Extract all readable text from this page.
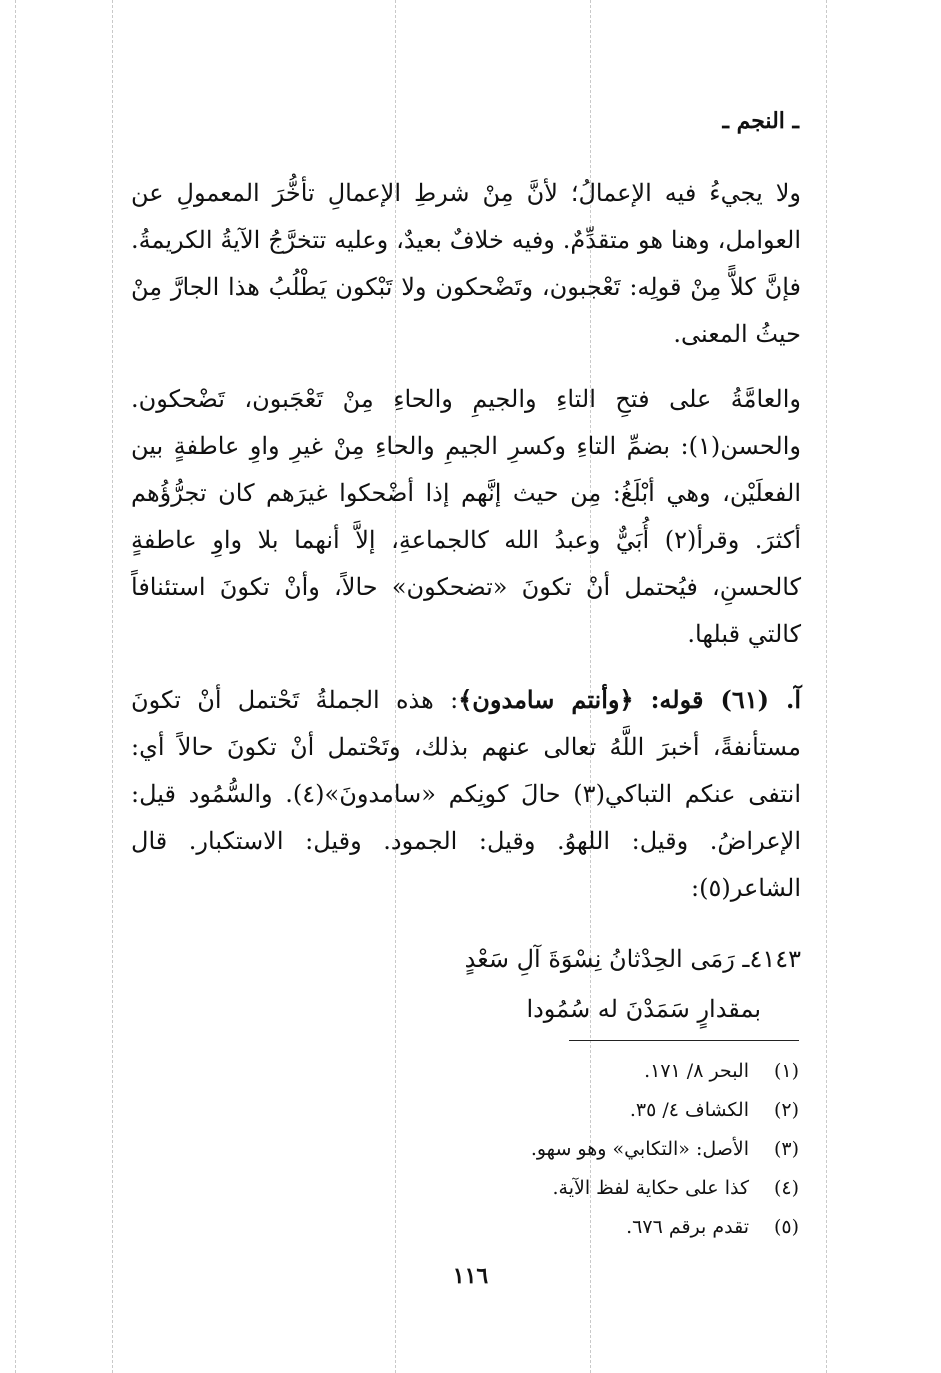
ـ النجم ـ

ولا يجيءُ فيه الإعمالُ؛ لأنَّ مِنْ شرطِ الإعمالِ تأخُّرَ المعمولِ عن العوامل، وهنا هو متقدِّمٌ. وفيه خلافٌ بعيدٌ، وعليه تتخرَّجُ الآيةُ الكريمةُ. فإنَّ كلاًّ مِنْ قولِه: تَعْجبون، وتَضْحكون ولا تَبْكون يَطْلُبُ هذا الجارَّ مِنْ حيثُ المعنى.

والعامَّةُ على فتحِ التاءِ والجيمِ والحاءِ مِنْ تَعْجَبون، تَضْحكون. والحسن(١): بضمِّ التاءِ وكسرِ الجيمِ والحاءِ مِنْ غيرِ واوِ عاطفةٍ بين الفعلَيْن، وهي أبْلَغُ: مِن حيث إنَّهم إذا أضْحكوا غيرَهم كان تجرُّؤُهم أكثرَ. وقرأ(٢) أُبَيٌّ وعبدُ الله كالجماعةِ، إلاَّ أنهما بلا واوِ عاطفةٍ كالحسنِ، فيُحتمل أنْ تكونَ «تضحكون» حالاً، وأنْ تكونَ استئنافاً كالتي قبلها.

آ. (٦١) قوله: ﴿وأنتم سامدون﴾: هذه الجملةُ تَحْتمل أنْ تكونَ مستأنفةً، أخبرَ اللَّهُ تعالى عنهم بذلك، وتَحْتمل أنْ تكونَ حالاً أي: انتفى عنكم التباكي(٣) حالَ كونِكم «سامدونَ»(٤). والسُّمُود قيل: الإعراضُ. وقيل: اللهوُ. وقيل: الجمود. وقيل: الاستكبار. قال الشاعر(٥):

٤١٤٣ـ رَمَى الحِدْثانُ نِسْوَةَ آلِ سَعْدٍ
بمقدارٍ سَمَدْنَ له سُمُودا
(١)
البحر ٨/ ١٧١.
(٢)
الكشاف ٤/ ٣٥.
(٣)
الأصل: «التكابي» وهو سهو.
(٤)
كذا على حكاية لفظ الآية.
(٥)
تقدم برقم ٦٧٦.
١١٦
